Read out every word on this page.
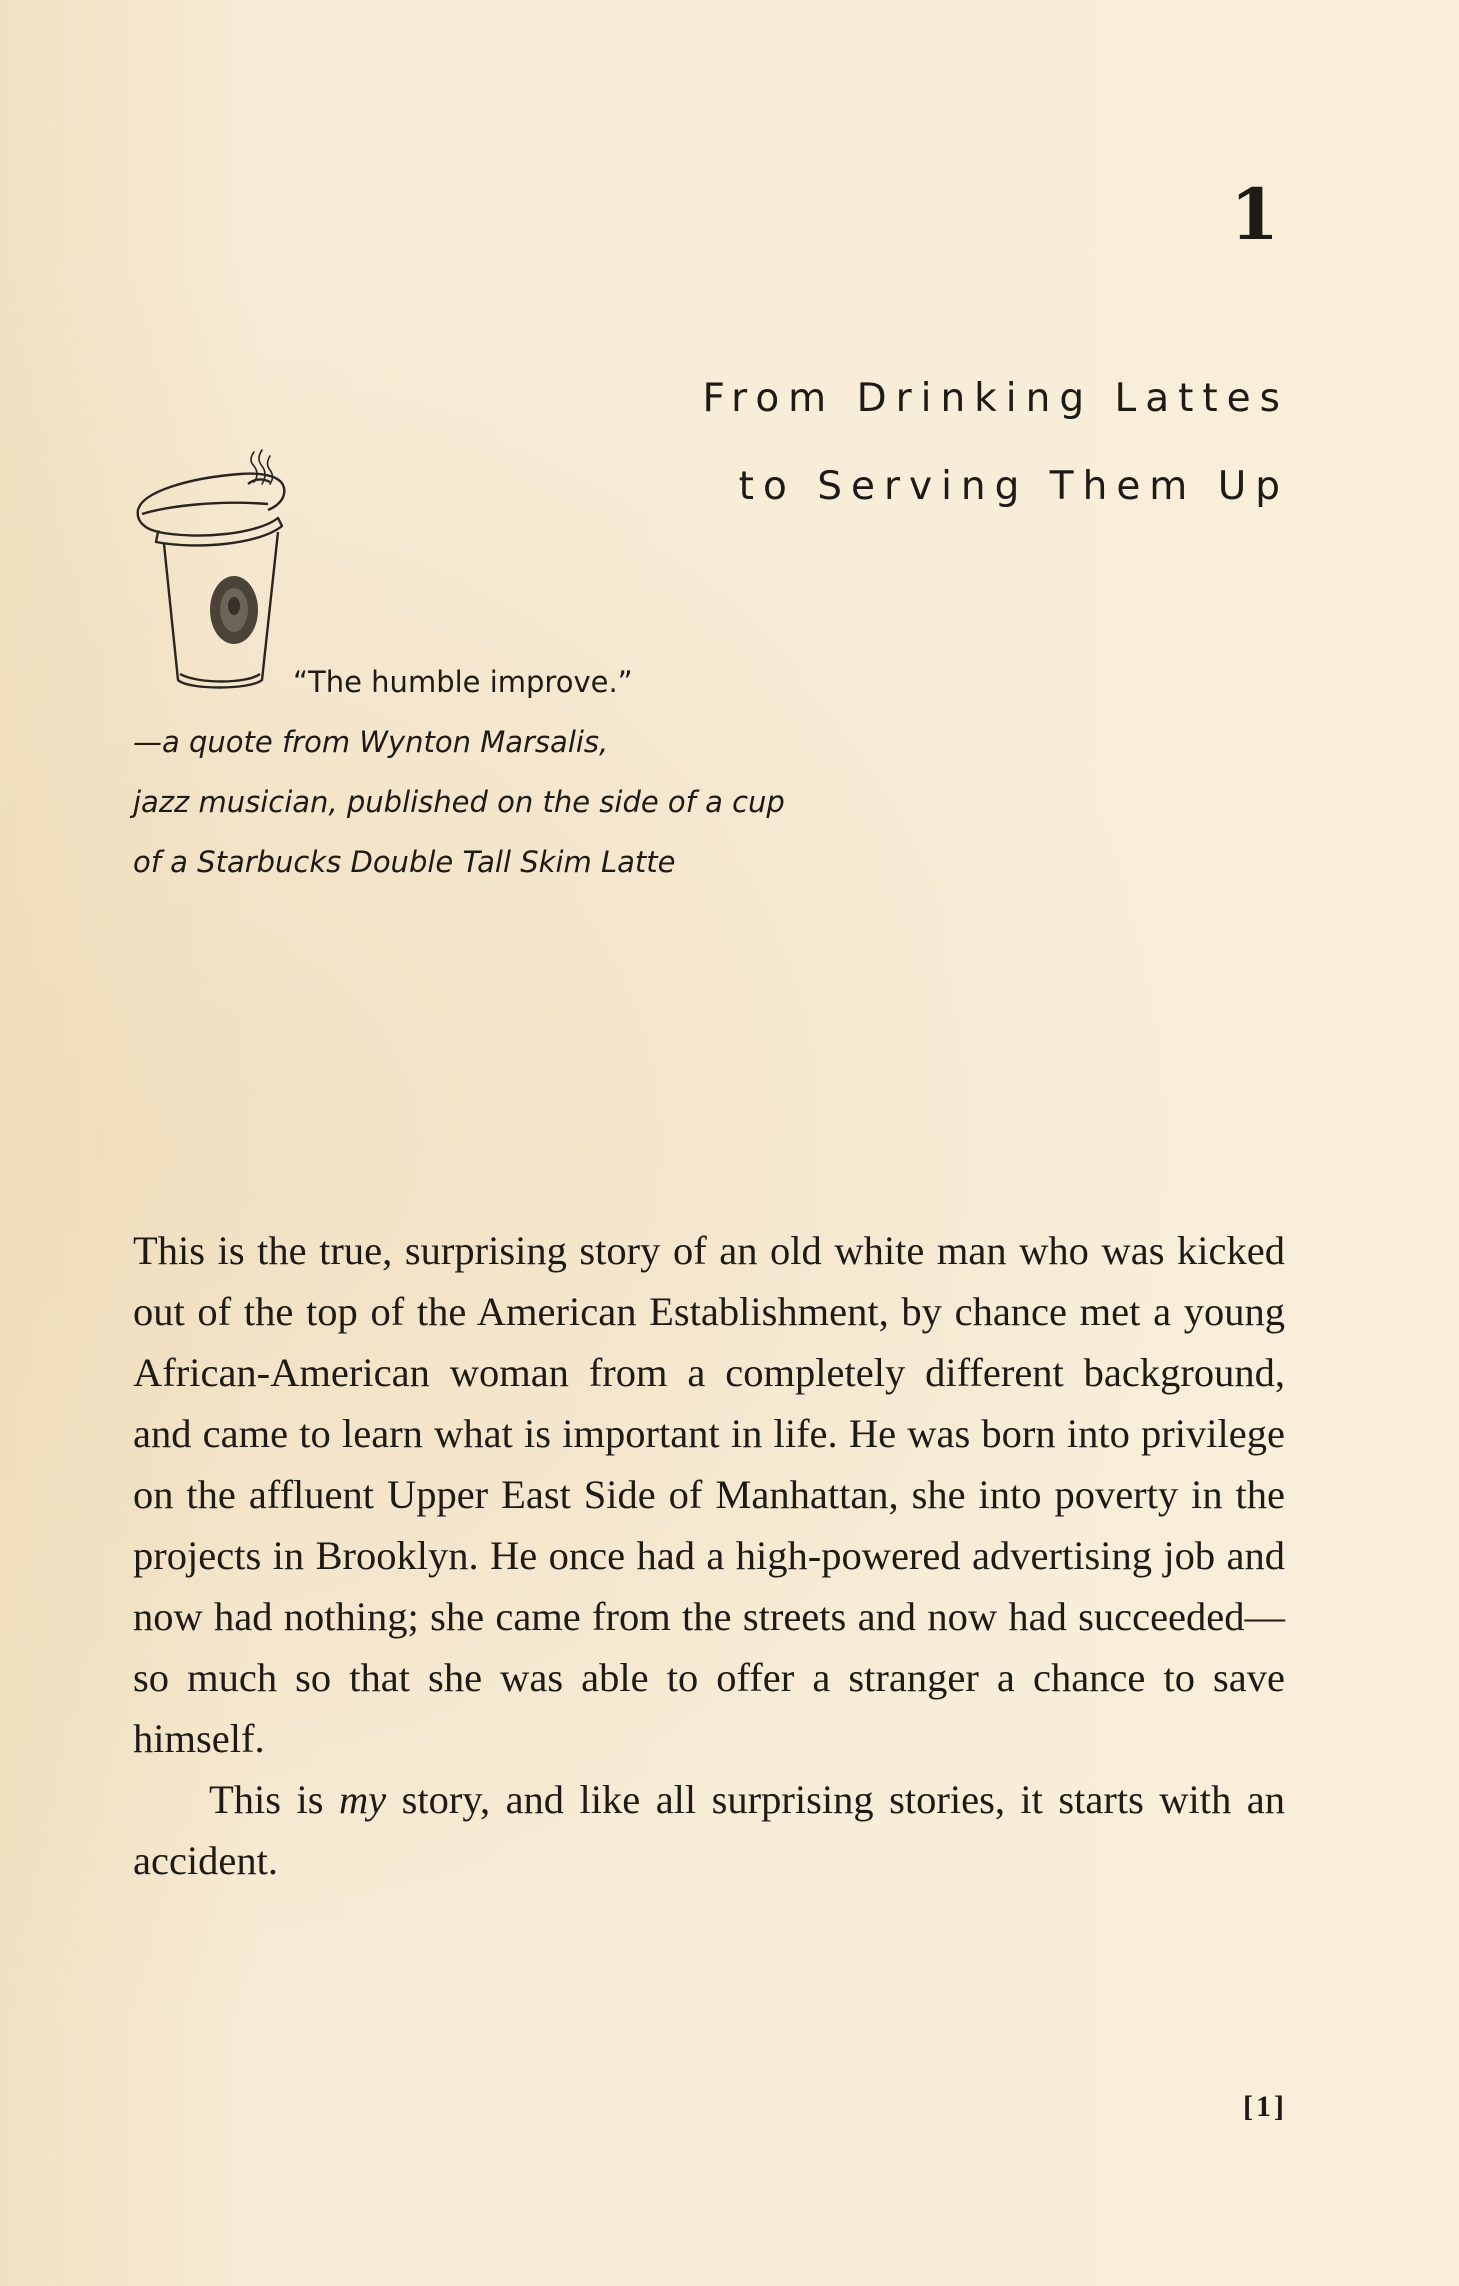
1
From Drinking Lattes
to Serving Them Up
“The humble improve.”
—a quote from Wynton Marsalis,
jazz musician, published on the side of a cup
of a Starbucks Double Tall Skim Latte

This is the true, surprising story of an old white man who was kicked out of the top of the American Establishment, by chance met a young African-American woman from a completely different background, and came to learn what is important in life. He was born into privilege on the affluent Upper East Side of Manhattan, she into poverty in the projects in Brooklyn. He once had a high-powered advertising job and now had nothing; she came from the streets and now had succeeded—so much so that she was able to offer a stranger a chance to save himself.

This is my story, and like all surprising stories, it starts with an accident.

[1]
